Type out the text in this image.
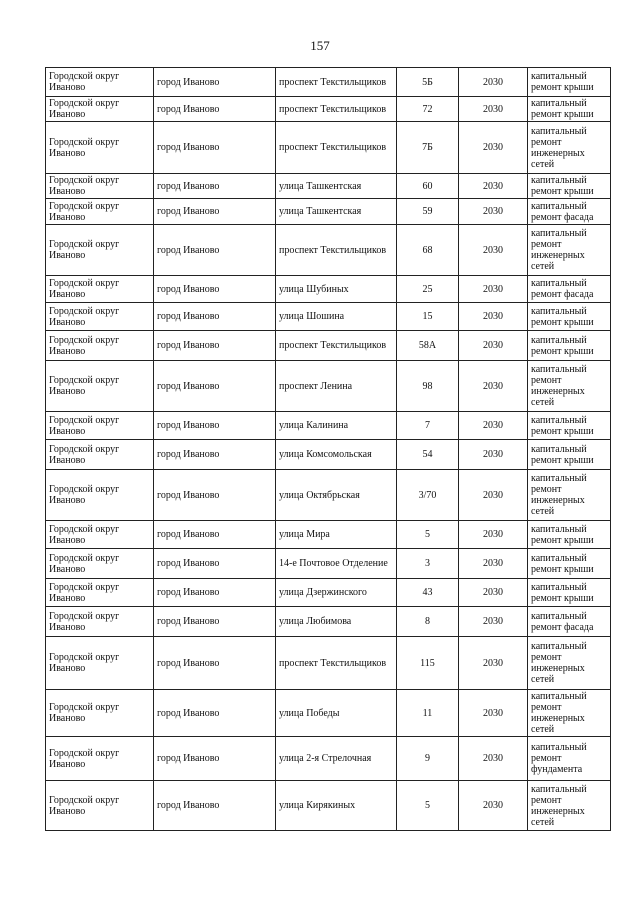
157
Городской округ Иваново	город Иваново	проспект Текстильщиков	5Б	2030	капитальный ремонт крыши
Городской округ Иваново	город Иваново	проспект Текстильщиков	72	2030	капитальный ремонт крыши
Городской округ Иваново	город Иваново	проспект Текстильщиков	7Б	2030	капитальный ремонт инженерных сетей
Городской округ Иваново	город Иваново	улица Ташкентская	60	2030	капитальный ремонт крыши
Городской округ Иваново	город Иваново	улица Ташкентская	59	2030	капитальный ремонт фасада
Городской округ Иваново	город Иваново	проспект Текстильщиков	68	2030	капитальный ремонт инженерных сетей
Городской округ Иваново	город Иваново	улица Шубиных	25	2030	капитальный ремонт фасада
Городской округ Иваново	город Иваново	улица Шошина	15	2030	капитальный ремонт крыши
Городской округ Иваново	город Иваново	проспект Текстильщиков	58А	2030	капитальный ремонт крыши
Городской округ Иваново	город Иваново	проспект Ленина	98	2030	капитальный ремонт инженерных сетей
Городской округ Иваново	город Иваново	улица Калинина	7	2030	капитальный ремонт крыши
Городской округ Иваново	город Иваново	улица Комсомольская	54	2030	капитальный ремонт крыши
Городской округ Иваново	город Иваново	улица Октябрьская	3/70	2030	капитальный ремонт инженерных сетей
Городской округ Иваново	город Иваново	улица Мира	5	2030	капитальный ремонт крыши
Городской округ Иваново	город Иваново	14-е Почтовое Отделение	3	2030	капитальный ремонт крыши
Городской округ Иваново	город Иваново	улица Дзержинского	43	2030	капитальный ремонт крыши
Городской округ Иваново	город Иваново	улица Любимова	8	2030	капитальный ремонт фасада
Городской округ Иваново	город Иваново	проспект Текстильщиков	115	2030	капитальный ремонт инженерных сетей
Городской округ Иваново	город Иваново	улица Победы	11	2030	капитальный ремонт инженерных сетей
Городской округ Иваново	город Иваново	улица 2-я Стрелочная	9	2030	капитальный ремонт фундамента
Городской округ Иваново	город Иваново	улица Кирякиных	5	2030	капитальный ремонт инженерных сетей
